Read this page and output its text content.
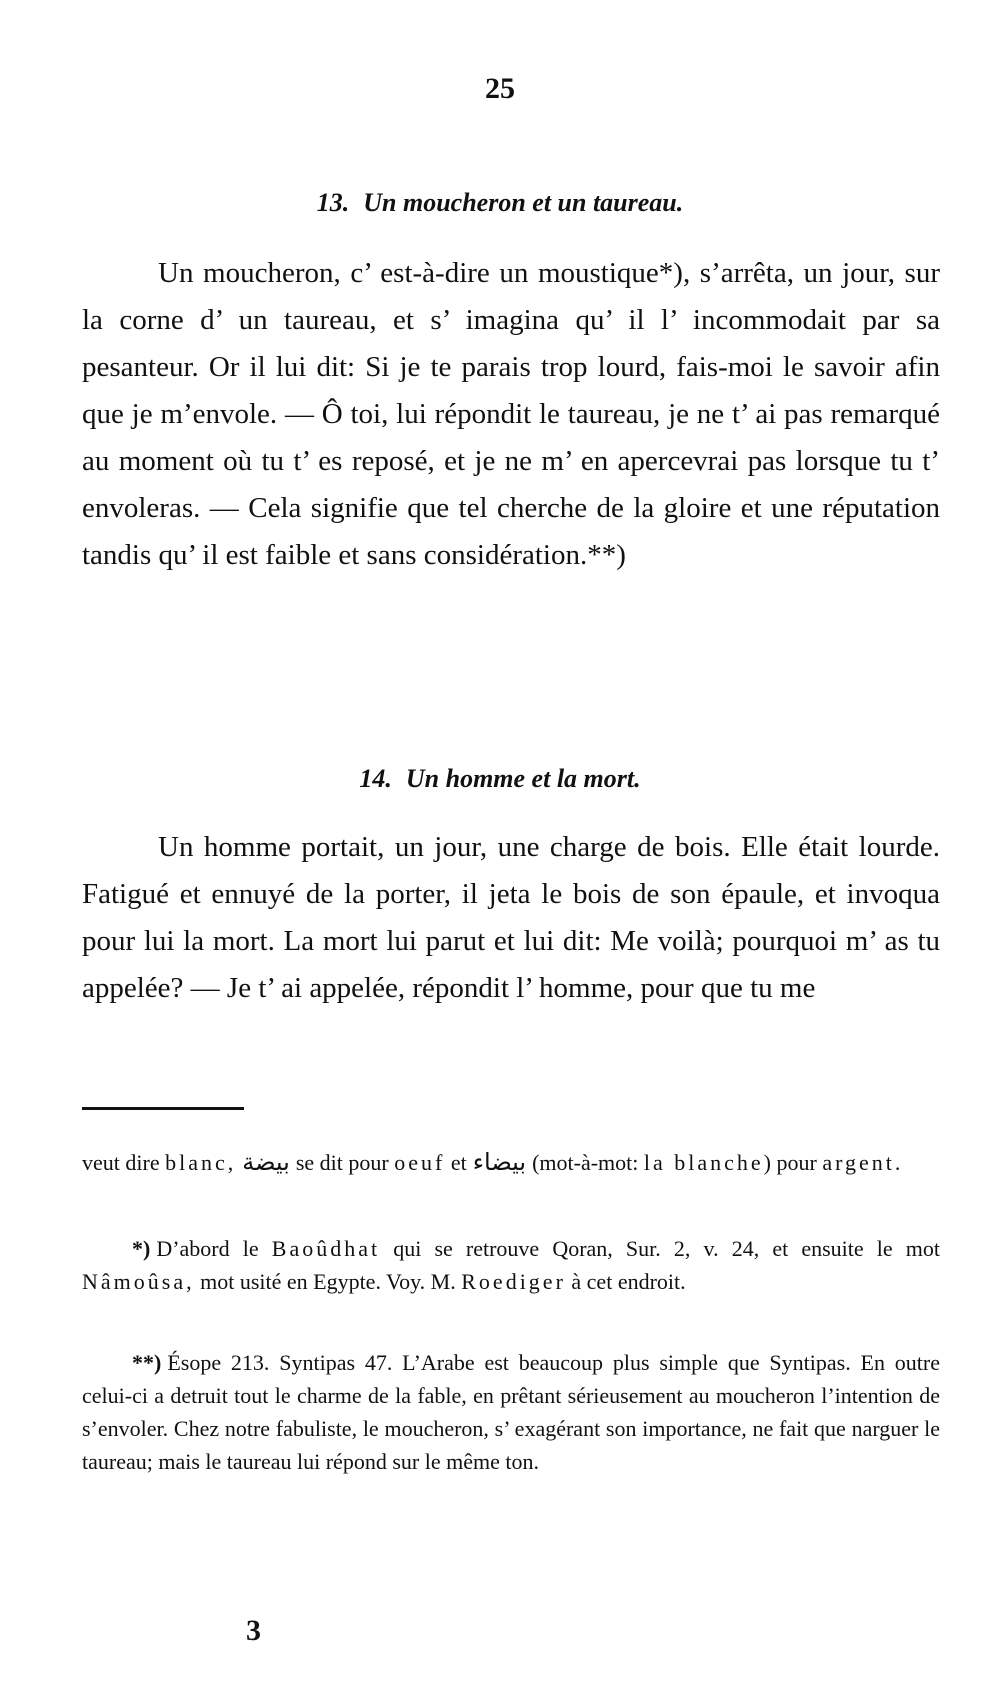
25

13. Un moucheron et un taureau.

Un moucheron, c’ est-à-dire un moustique*), s’arrêta, un jour, sur la corne d’ un taureau, et s’ imagina qu’ il l’ incommodait par sa pesanteur. Or il lui dit: Si je te parais trop lourd, fais-moi le savoir afin que je m’envole. — Ô toi, lui répondit le taureau, je ne t’ ai pas remarqué au moment où tu t’ es reposé, et je ne m’ en apercevrai pas lorsque tu t’ envoleras. — Cela signifie que tel cherche de la gloire et une réputation tandis qu’ il est faible et sans considération.**)

14. Un homme et la mort.

Un homme portait, un jour, une charge de bois. Elle était lourde. Fatigué et ennuyé de la porter, il jeta le bois de son épaule, et invoqua pour lui la mort. La mort lui parut et lui dit: Me voilà; pourquoi m’ as tu appelée? — Je t’ ai appelée, répondit l’ homme, pour que tu me

veut dire blanc, بيضة se dit pour oeuf et بيضاء (mot-à-mot: la blanche) pour argent.

*) D’abord le Baoûdhat qui se retrouve Qoran, Sur. 2, v. 24, et ensuite le mot Nâmoûsa, mot usité en Egypte. Voy. M. Roediger à cet endroit.

**) Ésope 213. Syntipas 47. L’Arabe est beaucoup plus simple que Syntipas. En outre celui-ci a detruit tout le charme de la fable, en prêtant sérieusement au moucheron l’intention de s’envoler. Chez notre fabuliste, le moucheron, s’ exagérant son importance, ne fait que narguer le taureau; mais le taureau lui répond sur le même ton.

3
